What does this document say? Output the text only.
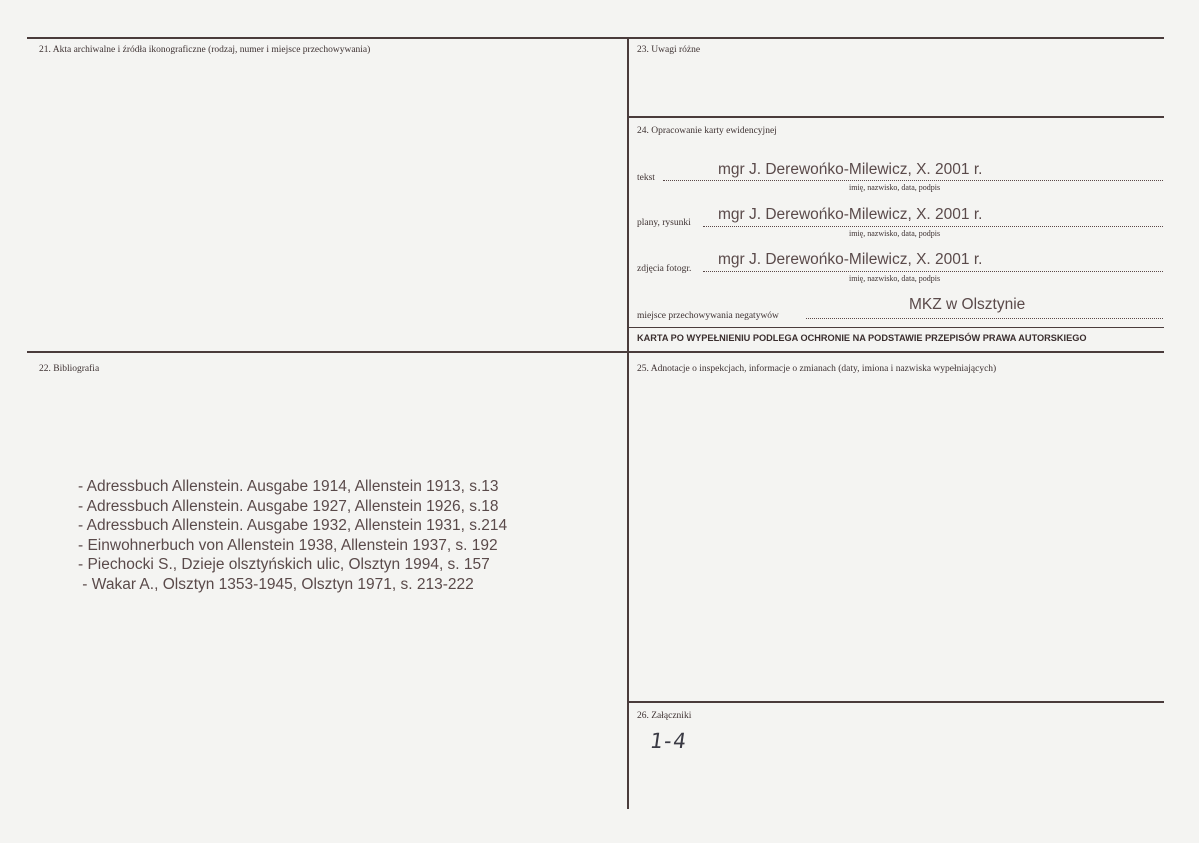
21. Akta archiwalne i źródła ikonograficzne (rodzaj, numer i miejsce przechowywania)	23. Uwagi różne
24. Opracowanie karty ewidencyjnej
tekst	mgr J. Derewońko-Milewicz, X. 2001 r.
imię, nazwisko, data, podpis
plany, rysunki mgr J. Derewońko-Milewicz, X. 2001 r.
imię, nazwisko, data, podpis
zdjęcia fotogr.
mgr J. Derewońko-Milewicz, X. 2001 r.
imię, nazwisko, data, podpis
miejsce przechowywania negatywów
MKZ w Olsztynie
KARTA PO WYPEŁNIENIU PODLEGA OCHRONIE NA PODSTAWIE PRZEPISÓW PRAWA AUTORSKIEGO
22. Bibliografia
- Adressbuch Allenstein. Ausgabe 1914, Allenstein 1913, s.13
- Adressbuch Allenstein. Ausgabe 1927, Allenstein 1926, s.18
- Adressbuch Allenstein. Ausgabe 1932, Allenstein 1931, s.214
- Einwohnerbuch von Allenstein 1938, Allenstein 1937, s. 192
- Piechocki S., Dzieje olsztyńskich ulic, Olsztyn 1994, s. 157
- Wakar A., Olsztyn 1353-1945, Olsztyn 1971, s. 213-222
25. Adnotacje o inspekcjach, informacje o zmianach (daty, imiona i nazwiska wypełniających)
26. Załączniki
1-4
